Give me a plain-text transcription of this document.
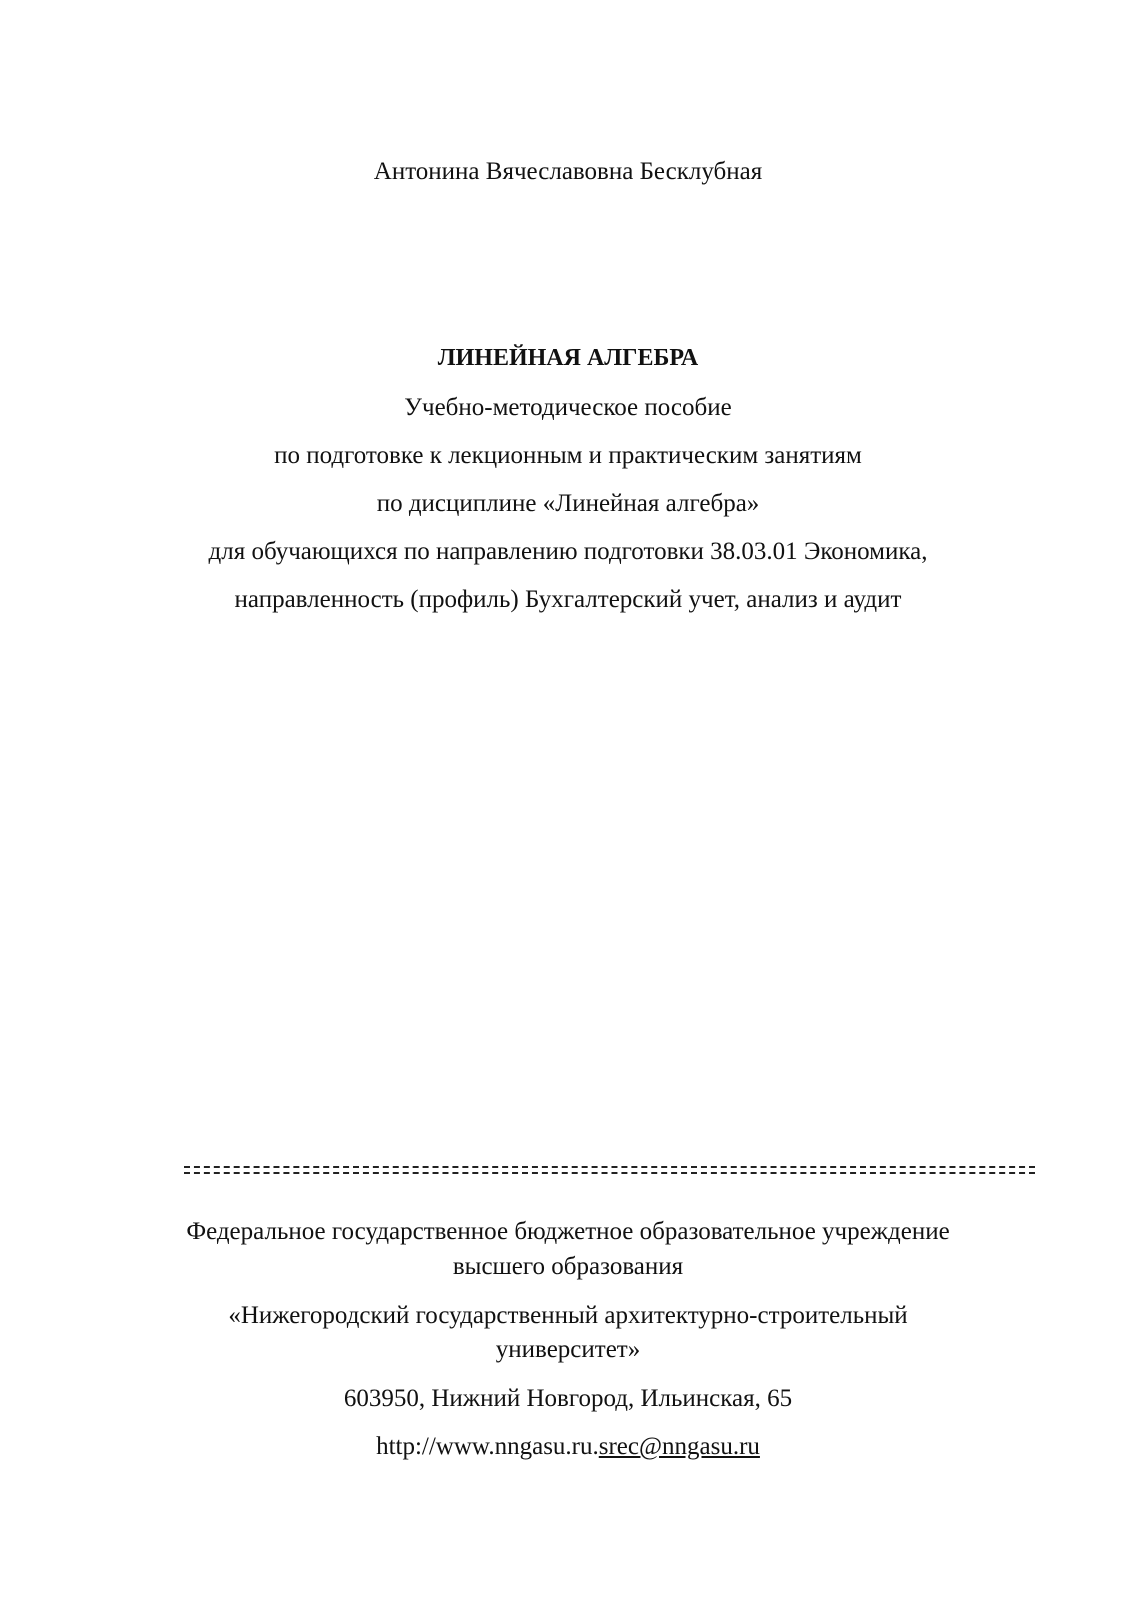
Антонина Вячеславовна Бесклубная
ЛИНЕЙНАЯ АЛГЕБРА
Учебно-методическое пособие
по подготовке к лекционным и практическим занятиям
по дисциплине «Линейная алгебра»
для обучающихся по направлению подготовки 38.03.01 Экономика,
направленность (профиль) Бухгалтерский учет, анализ и аудит
Федеральное государственное бюджетное образовательное учреждение
высшего образования
«Нижегородский государственный архитектурно-строительный
университет»
603950, Нижний Новгород, Ильинская, 65
http://www.nngasu.ru.srec@nngasu.ru
